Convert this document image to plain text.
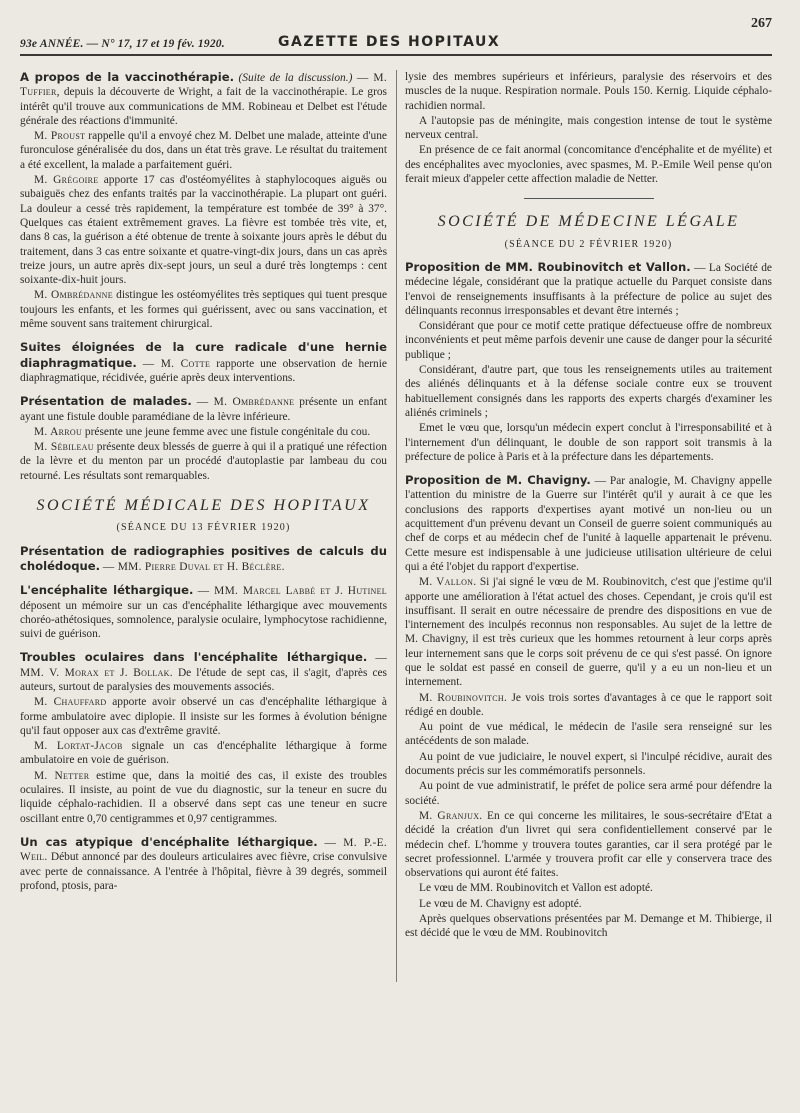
93e ANNÉE. — N° 17, 17 et 19 fév. 1920.	GAZETTE DES HOPITAUX
267

A propos de la vaccinothérapie. (Suite de la discussion.) — M. Tuffier, depuis la découverte de Wright, a fait de la vaccinothérapie. Le gros intérêt qu'il trouve aux communications de MM. Robineau et Delbet est l'étude générale des réactions d'immunité.

M. Proust rappelle qu'il a envoyé chez M. Delbet une malade, atteinte d'une furonculose généralisée du dos, dans un état très grave. Le résultat du traitement a été excellent, la malade a parfaitement guéri.

M. Grégoire apporte 17 cas d'ostéomyélites à staphylocoques aiguës ou subaiguës chez des enfants traités par la vaccinothérapie. La plupart ont guéri. La douleur a cessé très rapidement, la température est tombée de 39° à 37°. Quelques cas étaient extrêmement graves. La fièvre est tombée très vite, et, dans 8 cas, la guérison a été obtenue de trente à soixante jours après le début du traitement, dans 3 cas entre soixante et quatre-vingt-dix jours, dans un cas après treize jours, un autre après dix-sept jours, un seul a duré très longtemps : cent soixante-dix-huit jours.

M. Ombrédanne distingue les ostéomyélites très septiques qui tuent presque toujours les enfants, et les formes qui guérissent, avec ou sans vaccination, et même souvent sans traitement chirurgical.

Suites éloignées de la cure radicale d'une hernie diaphragmatique. — M. Cotte rapporte une observation de hernie diaphragmatique, récidivée, guérie après deux interventions.

Présentation de malades. — M. Ombrédanne présente un enfant ayant une fistule double paramédiane de la lèvre inférieure.

M. Arrou présente une jeune femme avec une fistule congénitale du cou.

M. Sébileau présente deux blessés de guerre à qui il a pratiqué une réfection de la lèvre et du menton par un procédé d'autoplastie par lambeau du cou retourné. Les résultats sont remarquables.

SOCIÉTÉ MÉDICALE DES HOPITAUX
(SÉANCE DU 13 FÉVRIER 1920)

Présentation de radiographies positives de calculs du cholédoque. — MM. Pierre Duval et H. Béclère.

L'encéphalite léthargique. — MM. Marcel Labbé et J. Hutinel déposent un mémoire sur un cas d'encéphalite léthargique avec mouvements choréo-athétosiques, somnolence, paralysie oculaire, lymphocytose rachidienne, suivi de guérison.

Troubles oculaires dans l'encéphalite léthargique. — MM. V. Morax et J. Bollak. De l'étude de sept cas, il s'agit, d'après ces auteurs, surtout de paralysies des mouvements associés.

M. Chauffard apporte avoir observé un cas d'encéphalite léthargique à forme ambulatoire avec diplopie. Il insiste sur les formes à évolution bénigne qu'il faut opposer aux cas d'extrême gravité.

M. Lortat-Jacob signale un cas d'encéphalite léthargique à forme ambulatoire en voie de guérison.

M. Netter estime que, dans la moitié des cas, il existe des troubles oculaires. Il insiste, au point de vue du diagnostic, sur la teneur en sucre du liquide céphalo-rachidien. Il a observé dans sept cas une teneur en sucre oscillant entre 0,70 centigrammes et 0,97 centigrammes.

Un cas atypique d'encéphalite léthargique. — M. P.-E. Weil. Début annoncé par des douleurs articulaires avec fièvre, crise convulsive avec perte de connaissance. A l'entrée à l'hôpital, fièvre à 39 degrés, sommeil profond, ptosis, para-

lysie des membres supérieurs et inférieurs, paralysie des réservoirs et des muscles de la nuque. Respiration normale. Pouls 150. Kernig. Liquide céphalo-rachidien normal.

A l'autopsie pas de méningite, mais congestion intense de tout le système nerveux central.

En présence de ce fait anormal (concomitance d'encéphalite et de myélite) et des encéphalites avec myoclonies, avec spasmes, M. P.-Emile Weil pense qu'on ferait mieux d'appeler cette affection maladie de Netter.

SOCIÉTÉ DE MÉDECINE LÉGALE
(SÉANCE DU 2 FÉVRIER 1920)

Proposition de MM. Roubinovitch et Vallon. — La Société de médecine légale, considérant que la pratique actuelle du Parquet consiste dans l'envoi de renseignements insuffisants à la préfecture de police au sujet des délinquants reconnus irresponsables et devant être internés ;

Considérant que pour ce motif cette pratique défectueuse offre de nombreux inconvénients et peut même parfois devenir une cause de danger pour la sécurité publique ;

Considérant, d'autre part, que tous les renseignements utiles au traitement des aliénés délinquants et à la défense sociale contre eux se trouvent habituellement consignés dans les rapports des experts chargés d'examiner les aliénés criminels ;

Emet le vœu que, lorsqu'un médecin expert conclut à l'irresponsabilité et à l'internement d'un délinquant, le double de son rapport soit transmis à la préfecture de police à Paris et à la préfecture dans les départements.

Proposition de M. Chavigny. — Par analogie, M. Chavigny appelle l'attention du ministre de la Guerre sur l'intérêt qu'il y aurait à ce que les conclusions des rapports d'expertises ayant motivé un non-lieu ou un acquittement d'un prévenu devant un Conseil de guerre soient communiqués au chef de corps et au médecin chef de l'unité à laquelle appartenait le prévenu. Cette mesure est indispensable à une judicieuse utilisation ultérieure de celui qui a été l'objet du rapport d'expertise.

M. Vallon. Si j'ai signé le vœu de M. Roubinovitch, c'est que j'estime qu'il apporte une amélioration à l'état actuel des choses. Cependant, je crois qu'il est insuffisant. Il serait en outre nécessaire de prendre des dispositions en vue de l'internement des inculpés reconnus non responsables. Au sujet de la lettre de M. Chavigny, il est très curieux que les hommes retournent à leur corps après leur internement sans que le corps soit prévenu de ce qui s'est passé. On ignore que le soldat est passé en conseil de guerre, qu'il y a eu un non-lieu et un internement.

M. Roubinovitch. Je vois trois sortes d'avantages à ce que le rapport soit rédigé en double.

Au point de vue médical, le médecin de l'asile sera renseigné sur les antécédents de son malade.

Au point de vue judiciaire, le nouvel expert, si l'inculpé récidive, aurait des documents précis sur les commémoratifs personnels.

Au point de vue administratif, le préfet de police sera armé pour défendre la société.

M. Granjux. En ce qui concerne les militaires, le sous-secrétaire d'Etat a décidé la création d'un livret qui sera confidentiellement conservé par le médecin chef. L'homme y trouvera toutes garanties, car il sera protégé par le secret professionnel. L'armée y trouvera profit car elle y conservera trace des observations qui auront été faites.

Le vœu de MM. Roubinovitch et Vallon est adopté.

Le vœu de M. Chavigny est adopté.

Après quelques observations présentées par M. Demange et M. Thibierge, il est décidé que le vœu de MM. Roubinovitch
